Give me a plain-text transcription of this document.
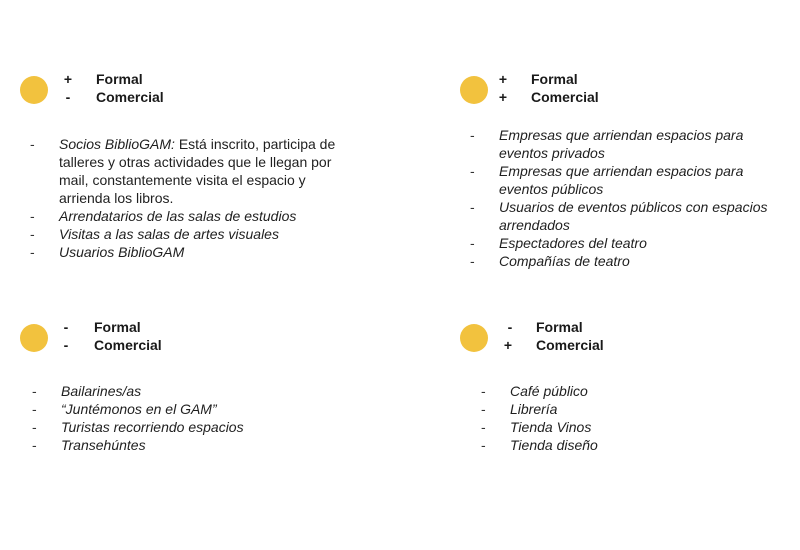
+ Formal
-	Comercial
- Socios BiblioGAM: Está inscrito, participa de talleres y otras actividades que le llegan por mail, constantemente visita el espacio y arrienda los libros.
- Arrendatarios de las salas de estudios
- Visitas a las salas de artes visuales
- Usuarios BiblioGAM
+ Formal
+ Comercial
- Empresas que arriendan espacios para eventos privados
- Empresas que arriendan espacios para eventos públicos
- Usuarios de eventos públicos con espacios arrendados
- Espectadores del teatro
- Compañías de teatro
-	Formal
-	Comercial
- Bailarines/as
- “Juntémonos en el GAM”
- Turistas recorriendo espacios
- Transehúntes
-	Formal
+ Comercial
- Café público
- Librería
- Tienda Vinos
- Tienda diseño
